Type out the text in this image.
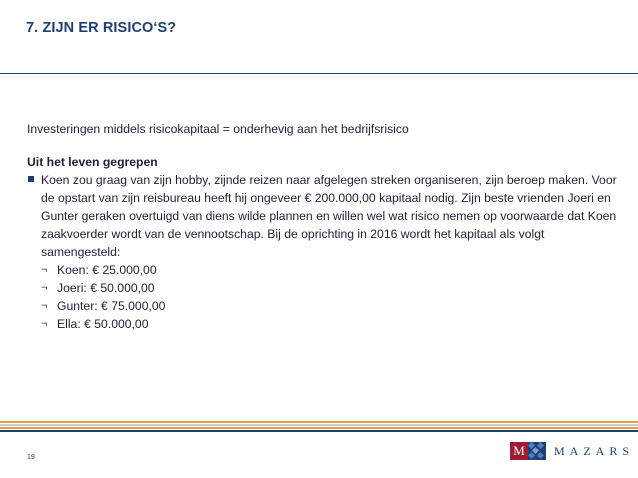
7. ZIJN ER RISICO‘S?

Investeringen middels risicokapitaal = onderhevig aan het bedrijfsrisico

Uit het leven gegrepen

Koen zou graag van zijn hobby, zijnde reizen naar afgelegen streken organiseren, zijn beroep maken. Voor de opstart van zijn reisbureau heeft hij ongeveer € 200.000,00 kapitaal nodig. Zijn beste vrienden Joeri en Gunter geraken overtuigd van diens wilde plannen en willen wel wat risico nemen op voorwaarde dat Koen zaakvoerder wordt van de vennootschap. Bij de oprichting in 2016 wordt het kapitaal als volgt samengesteld:
¬ Koen: € 25.000,00
¬ Joeri: € 50.000,00
¬ Gunter: € 75.000,00
¬ Ella: € 50.000,00
19	M MAZARS
